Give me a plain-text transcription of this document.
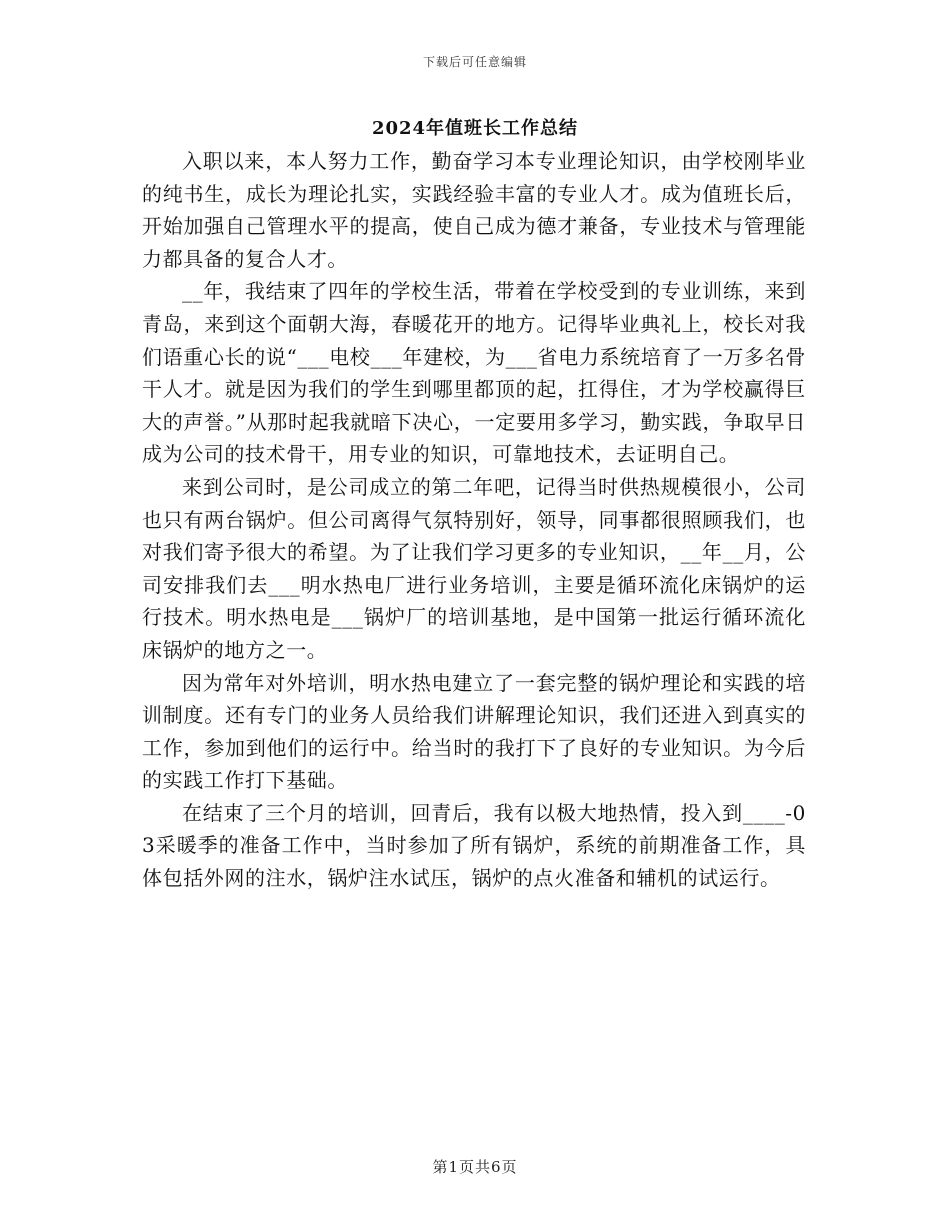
下载后可任意编辑
2024年值班长工作总结

入职以来，本人努力工作，勤奋学习本专业理论知识，由学校刚毕业的纯书生，成长为理论扎实，实践经验丰富的专业人才。成为值班长后，开始加强自己管理水平的提高，使自己成为德才兼备，专业技术与管理能力都具备的复合人才。

__年，我结束了四年的学校生活，带着在学校受到的专业训练，来到青岛，来到这个面朝大海，春暖花开的地方。记得毕业典礼上，校长对我们语重心长的说“___电校___年建校，为___省电力系统培育了一万多名骨干人才。就是因为我们的学生到哪里都顶的起，扛得住，才为学校赢得巨大的声誉。”从那时起我就暗下决心，一定要用多学习，勤实践，争取早日成为公司的技术骨干，用专业的知识，可靠地技术，去证明自己。

来到公司时，是公司成立的第二年吧，记得当时供热规模很小，公司也只有两台锅炉。但公司离得气氛特别好，领导，同事都很照顾我们，也对我们寄予很大的希望。为了让我们学习更多的专业知识，__年__月，公司安排我们去___明水热电厂进行业务培训，主要是循环流化床锅炉的运行技术。明水热电是___锅炉厂的培训基地，是中国第一批运行循环流化床锅炉的地方之一。

因为常年对外培训，明水热电建立了一套完整的锅炉理论和实践的培训制度。还有专门的业务人员给我们讲解理论知识，我们还进入到真实的工作，参加到他们的运行中。给当时的我打下了良好的专业知识。为今后的实践工作打下基础。

在结束了三个月的培训，回青后，我有以极大地热情，投入到____-03采暖季的准备工作中，当时参加了所有锅炉，系统的前期准备工作，具体包括外网的注水，锅炉注水试压，锅炉的点火准备和辅机的试运行。

第1页共6页
